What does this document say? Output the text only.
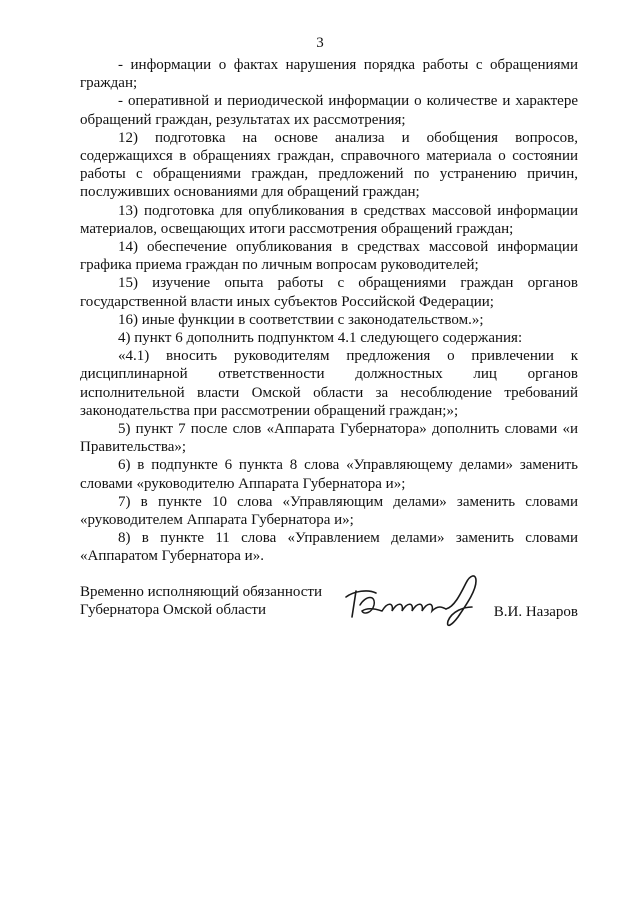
3

- информации о фактах нарушения порядка работы с обращениями граждан;

- оперативной и периодической информации о количестве и характере обращений граждан, результатах их рассмотрения;

12) подготовка на основе анализа и обобщения вопросов, содержащихся в обращениях граждан, справочного материала о состоянии работы с обращениями граждан, предложений по устранению причин, послуживших основаниями для обращений граждан;

13) подготовка для опубликования в средствах массовой информации материалов, освещающих итоги рассмотрения обращений граждан;

14) обеспечение опубликования в средствах массовой информации графика приема граждан по личным вопросам руководителей;

15) изучение опыта работы с обращениями граждан органов государственной власти иных субъектов Российской Федерации;

16) иные функции в соответствии с законодательством.»;

4) пункт 6 дополнить подпунктом 4.1 следующего содержания:

«4.1) вносить руководителям предложения о привлечении к дисциплинарной ответственности должностных лиц органов исполнительной власти Омской области за несоблюдение требований законодательства при рассмотрении обращений граждан;»;

5) пункт 7 после слов «Аппарата Губернатора» дополнить словами «и Правительства»;

6) в подпункте 6 пункта 8 слова «Управляющему делами» заменить словами «руководителю Аппарата Губернатора и»;

7) в пункте 10 слова «Управляющим делами» заменить словами «руководителем Аппарата Губернатора и»;

8) в пункте 11 слова «Управлением делами» заменить словами «Аппаратом Губернатора и».

Временно исполняющий обязанности
Губернатора Омской области	В.И. Назаров
